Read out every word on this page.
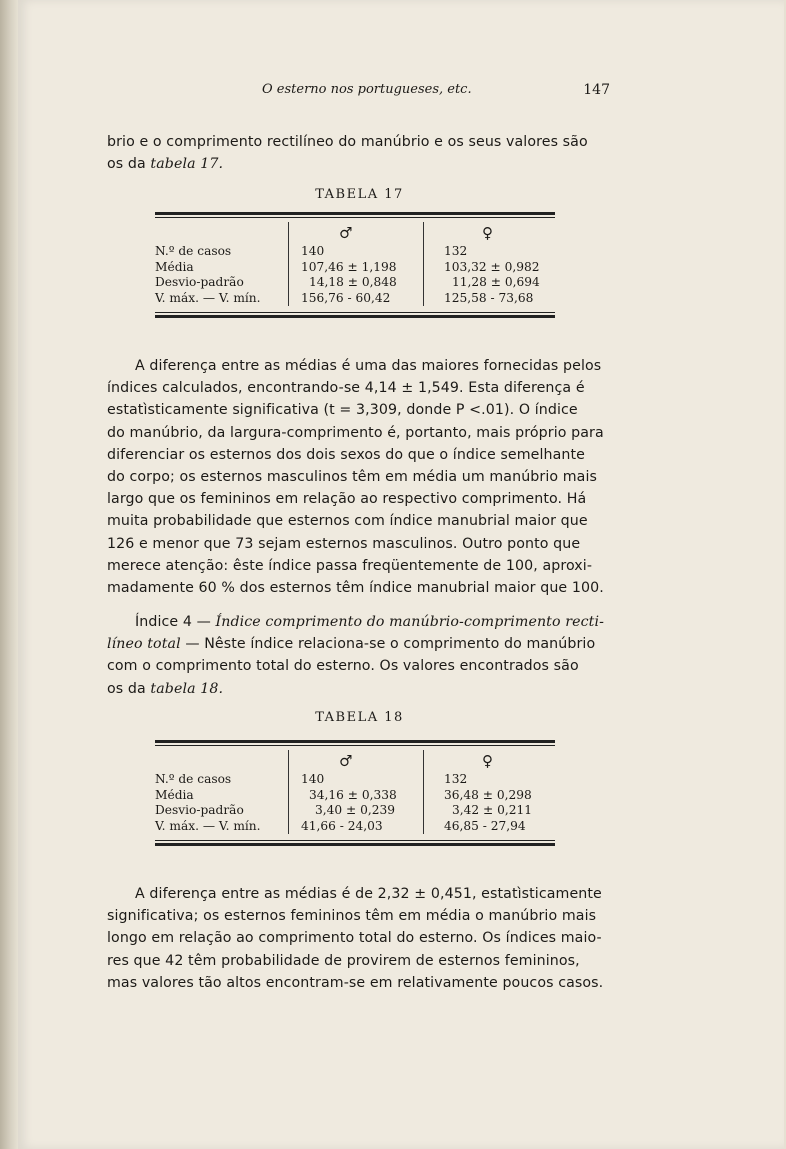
O esterno nos portugueses, etc.	147
brio e o comprimento rectilíneo do manúbrio e os seus valores são
os da tabela 17.
TABELA 17

N.º de casos
Média
Desvio-padrão
V. máx. — V. mín.
♂
140
107,46 ± 1,198
14,18 ± 0,848
156,76 - 60,42
♀
132
103,32 ± 0,982
11,28 ± 0,694
125,58 - 73,68
A diferença entre as médias é uma das maiores fornecidas pelos
índices calculados, encontrando-se 4,14 ± 1,549. Esta diferença é
estatìsticamente significativa (t = 3,309, donde P <.01). O índice
do manúbrio, da largura-comprimento é, portanto, mais próprio para
diferenciar os esternos dos dois sexos do que o índice semelhante
do corpo; os esternos masculinos têm em média um manúbrio mais
largo que os femininos em relação ao respectivo comprimento. Há
muita probabilidade que esternos com índice manubrial maior que
126 e menor que 73 sejam esternos masculinos. Outro ponto que
merece atenção: êste índice passa freqüentemente de 100, aproxi-
madamente 60 % dos esternos têm índice manubrial maior que 100.
Índice 4 — Índice comprimento do manúbrio-comprimento recti-
líneo total — Nêste índice relaciona-se o comprimento do manúbrio
com o comprimento total do esterno. Os valores encontrados são
os da tabela 18.
TABELA 18

N.º de casos
Média
Desvio-padrão
V. máx. — V. mín.
♂
140
34,16 ± 0,338
3,40 ± 0,239
41,66 - 24,03
♀
132
36,48 ± 0,298
3,42 ± 0,211
46,85 - 27,94
A diferença entre as médias é de 2,32 ± 0,451, estatìsticamente
significativa; os esternos femininos têm em média o manúbrio mais
longo em relação ao comprimento total do esterno. Os índices maio-
res que 42 têm probabilidade de provirem de esternos femininos,
mas valores tão altos encontram-se em relativamente poucos casos.
